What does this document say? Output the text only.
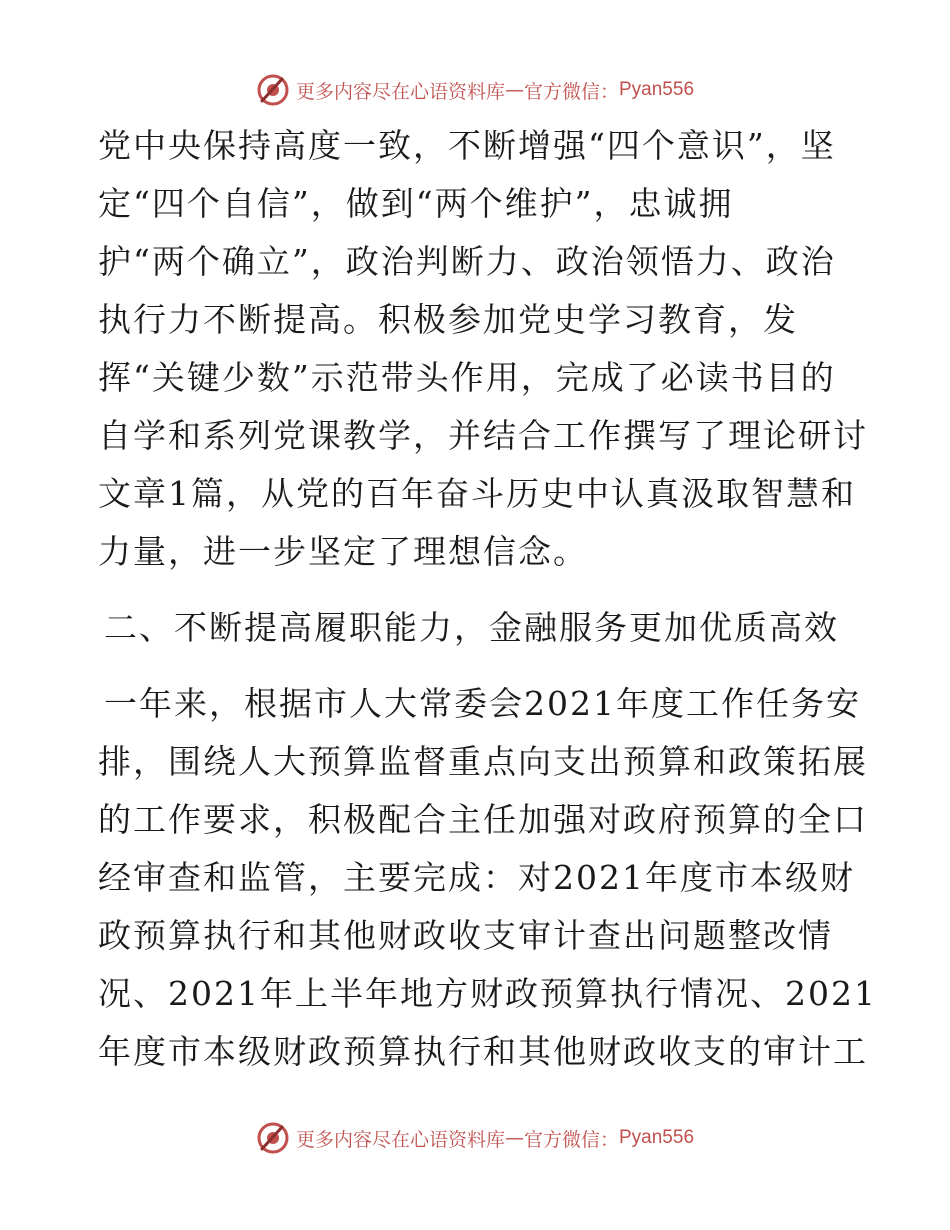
更多内容尽在心语资料库 — 官方微信： Pyan556
党中央保持高度一致，不断增强“四个意识”，坚
定“四个自信”，做到“两个维护”，忠诚拥
护“两个确立”，政治判断力、政治领悟力、政治
执行力不断提高。积极参加党史学习教育，发
挥“关键少数”示范带头作用，完成了必读书目的
自学和系列党课教学，并结合工作撰写了理论研讨
文章1篇，从党的百年奋斗历史中认真汲取智慧和
力量，进一步坚定了理想信念。
二、不断提高履职能力，金融服务更加优质高效
一年来，根据市人大常委会2021年度工作任务安
排，围绕人大预算监督重点向支出预算和政策拓展
的工作要求，积极配合主任加强对政府预算的全口
经审查和监管，主要完成：对2021年度市本级财
政预算执行和其他财政收支审计查出问题整改情
况、2021年上半年地方财政预算执行情况、2021
年度市本级财政预算执行和其他财政收支的审计工
更多内容尽在心语资料库 — 官方微信： Pyan556
